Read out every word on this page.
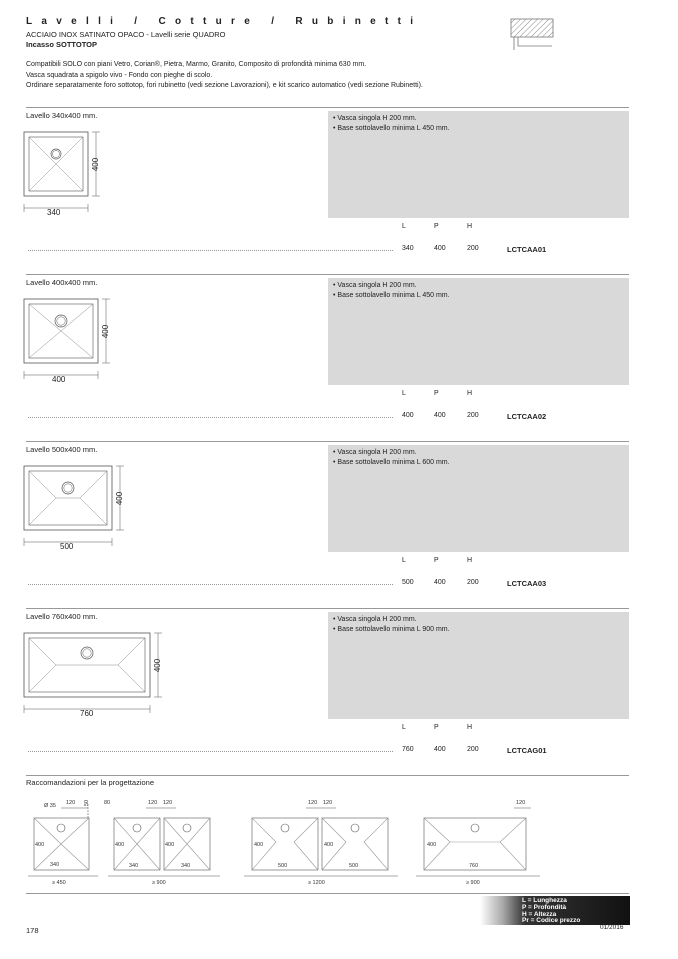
Lavelli / Cotture / Rubinetti
ACCIAIO INOX SATINATO OPACO - Lavelli serie QUADRO
Incasso SOTTOTOP
Compatibili SOLO con piani Vetro, Corian®, Pietra, Marmo, Granito, Composito di profondità minima 630 mm.
Vasca squadrata a spigolo vivo - Fondo con pieghe di scolo.
Ordinare separatamente foro sottotop, fori rubinetto (vedi sezione Lavorazioni), e kit scarico automatico (vedi sezione Rubinetti).
Lavello 340x400 mm.
400
340
• Vasca singola H 200 mm.
• Base sottolavello minima L 450 mm.
L	P	H
340	400	200	LCTCAA01
Lavello 400x400 mm.
400
400
• Vasca singola H 200 mm.
• Base sottolavello minima L 450 mm.
L	P	H
400	400	200	LCTCAA02
Lavello 500x400 mm.
400
500
• Vasca singola H 200 mm.
• Base sottolavello minima L 600 mm.
L	P	H
500	400	200	LCTCAA03
Lavello 760x400 mm.
400
760
• Vasca singola H 200 mm.
• Base sottolavello minima L 900 mm.
L	P	H
760	400	200	LCTCAG01
Raccomandazioni per la progettazione
Ø 35 120 50
400
340
≥ 450
80	120 120
400	400
340	340
≥ 900
120 120
400	400
500	500
≥ 1200
120
400
760
≥ 900
L = Lunghezza
P = Profondità
H = Altezza
Pr = Codice prezzo
178	01/2016
